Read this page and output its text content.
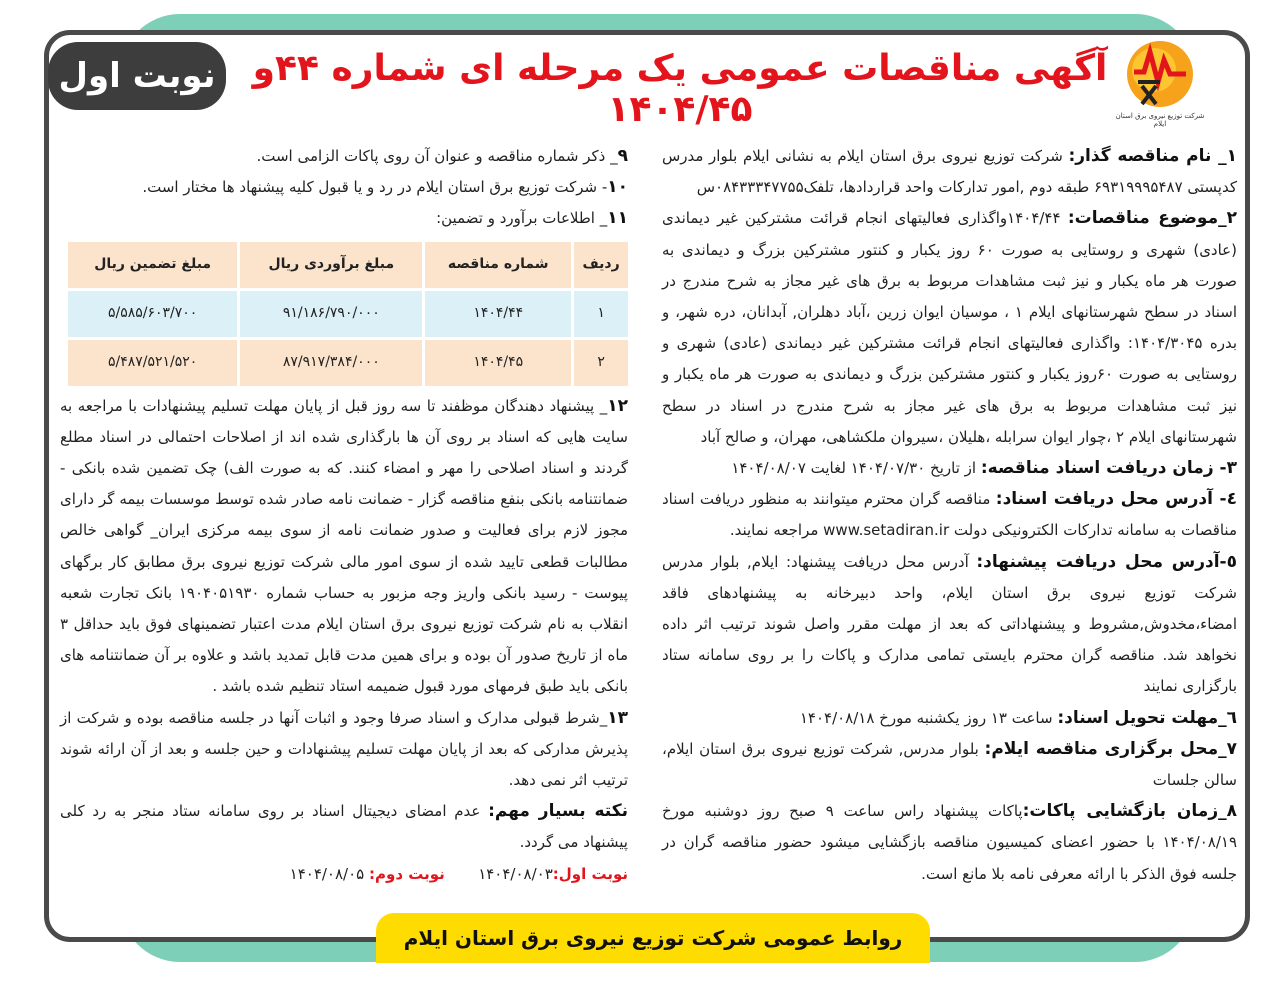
نوبت اول آگهی مناقصات عمومی یک مرحله ای شماره ۴۴و ۱۴۰۴/۴۵	شرکت توزیع نیروی برق استان ایلام

۱_ نام مناقصه گذار: شرکت توزیع نیروی برق استان ایلام به نشانی ایلام بلوار مدرس کدپستی ۶۹۳۱۹۹۹۵۴۸۷ طبقه دوم ,امور تدارکات واحد قراردادها، تلفک۰۸۴۳۳۳۴۷۷۵۵س

۲_موضوع مناقصات: ۱۴۰۴/۴۴واگذاری فعالیتهای انجام قرائت مشترکین غیر دیماندی (عادی) شهری و روستایی به صورت ۶۰ روز یکبار و کنتور مشترکین بزرگ و دیماندی به صورت هر ماه یکبار و نیز ثبت مشاهدات مربوط به برق های غیر مجاز به شرح مندرج در اسناد در سطح شهرستانهای ایلام ۱ ، موسیان ایوان زرین ،آباد دهلران, آبدانان، دره شهر، و بدره ۱۴۰۴/۳۰۴۵: واگذاری فعالیتهای انجام قرائت مشترکین غیر دیماندی (عادی) شهری و روستایی به صورت ۶۰روز یکبار و کنتور مشترکین بزرگ و دیماندی به صورت هر ماه یکبار و نیز ثبت مشاهدات مربوط به برق های غیر مجاز به شرح مندرج در اسناد در سطح شهرستانهای ایلام ۲ ،چوار ایوان سرابله ،هلیلان ،سیروان ملکشاهی، مهران، و صالح آباد

۳- زمان دریافت اسناد مناقصه: از تاریخ ۱۴۰۴/۰۷/۳۰ لغایت ۱۴۰۴/۰۸/۰۷

٤- آدرس محل دریافت اسناد: مناقصه گران محترم میتوانند به منظور دریافت اسناد مناقصات به سامانه تدارکات الکترونیکی دولت www.setadiran.ir مراجعه نمایند.

٥-آدرس محل دریافت پیشنهاد: آدرس محل دریافت پیشنهاد: ایلام, بلوار مدرس شرکت توزیع نیروی برق استان ایلام، واحد دبیرخانه به پیشنهادهای فاقد امضاء،مخدوش,مشروط و پیشنهاداتی که بعد از مهلت مقرر واصل شوند ترتیب اثر داده نخواهد شد. مناقصه گران محترم بایستی تمامی مدارک و پاکات را بر روی سامانه ستاد بارگزاری نمایند

٦_مهلت تحویل اسناد: ساعت ۱۳ روز یکشنبه مورخ ۱۴۰۴/۰۸/۱۸

۷_محل برگزاری مناقصه ایلام: بلوار مدرس, شرکت توزیع نیروی برق استان ایلام، سالن جلسات

۸_زمان بازگشایی پاکات:پاکات پیشنهاد راس ساعت ۹ صبح روز دوشنبه مورخ ۱۴۰۴/۰۸/۱۹ با حضور اعضای کمیسیون مناقصه بازگشایی میشود حضور مناقصه گران در جلسه فوق الذکر با ارائه معرفی نامه بلا مانع است.

۹_ ذکر شماره مناقصه و عنوان آن روی پاکات الزامی است.

۱۰- شرکت توزیع برق استان ایلام در رد و یا قبول کلیه پیشنهاد ها مختار است.

۱۱_ اطلاعات برآورد و تضمین:

ردیف	شماره مناقصه	مبلغ برآوردی ریال	مبلغ تضمین ریال
۱	۱۴۰۴/۴۴	۹۱/۱۸۶/۷۹۰/۰۰۰	۵/۵۸۵/۶۰۳/۷۰۰
۲	۱۴۰۴/۴۵	۸۷/۹۱۷/۳۸۴/۰۰۰	۵/۴۸۷/۵۲۱/۵۲۰

۱۲_ پیشنهاد دهندگان موظفند تا سه روز قبل از پایان مهلت تسلیم پیشنهادات با مراجعه به سایت هایی که اسناد بر روی آن ها بارگذاری شده اند از اصلاحات احتمالی در اسناد مطلع گردند و اسناد اصلاحی را مهر و امضاء کنند. که به صورت الف) چک تضمین شده بانکی - ضمانتنامه بانکی بنفع مناقصه گزار - ضمانت نامه صادر شده توسط موسسات بیمه گر دارای مجوز لازم برای فعالیت و صدور ضمانت نامه از سوی بیمه مرکزی ایران_ گواهی خالص مطالبات قطعی تایید شده از سوی امور مالی شرکت توزیع نیروی برق مطابق کار برگهای پیوست - رسید بانکی واریز وجه مزبور به حساب شماره ۱۹۰۴۰۵۱۹۳۰ بانک تجارت شعبه انقلاب به نام شرکت توزیع نیروی برق استان ایلام مدت اعتبار تضمینهای فوق باید حداقل ۳ ماه از تاریخ صدور آن بوده و برای همین مدت قابل تمدید باشد و علاوه بر آن ضمانتنامه های بانکی باید طبق فرمهای مورد قبول ضمیمه استاد تنظیم شده باشد .

۱۳_شرط قبولی مدارک و اسناد صرفا وجود و اثبات آنها در جلسه مناقصه بوده و شرکت از پذیرش مدارکی که بعد از پایان مهلت تسلیم پیشنهادات و حین جلسه و بعد از آن ارائه شوند ترتیب اثر نمی دهد.

نکته بسیار مهم: عدم امضای دیجیتال اسناد بر روی سامانه ستاد منجر به رد کلی پیشنهاد می گردد.

نوبت اول:۱۴۰۴/۰۸/۰۳       نوبت دوم: ۱۴۰۴/۰۸/۰۵

روابط عمومی شرکت توزیع نیروی برق استان ایلام
